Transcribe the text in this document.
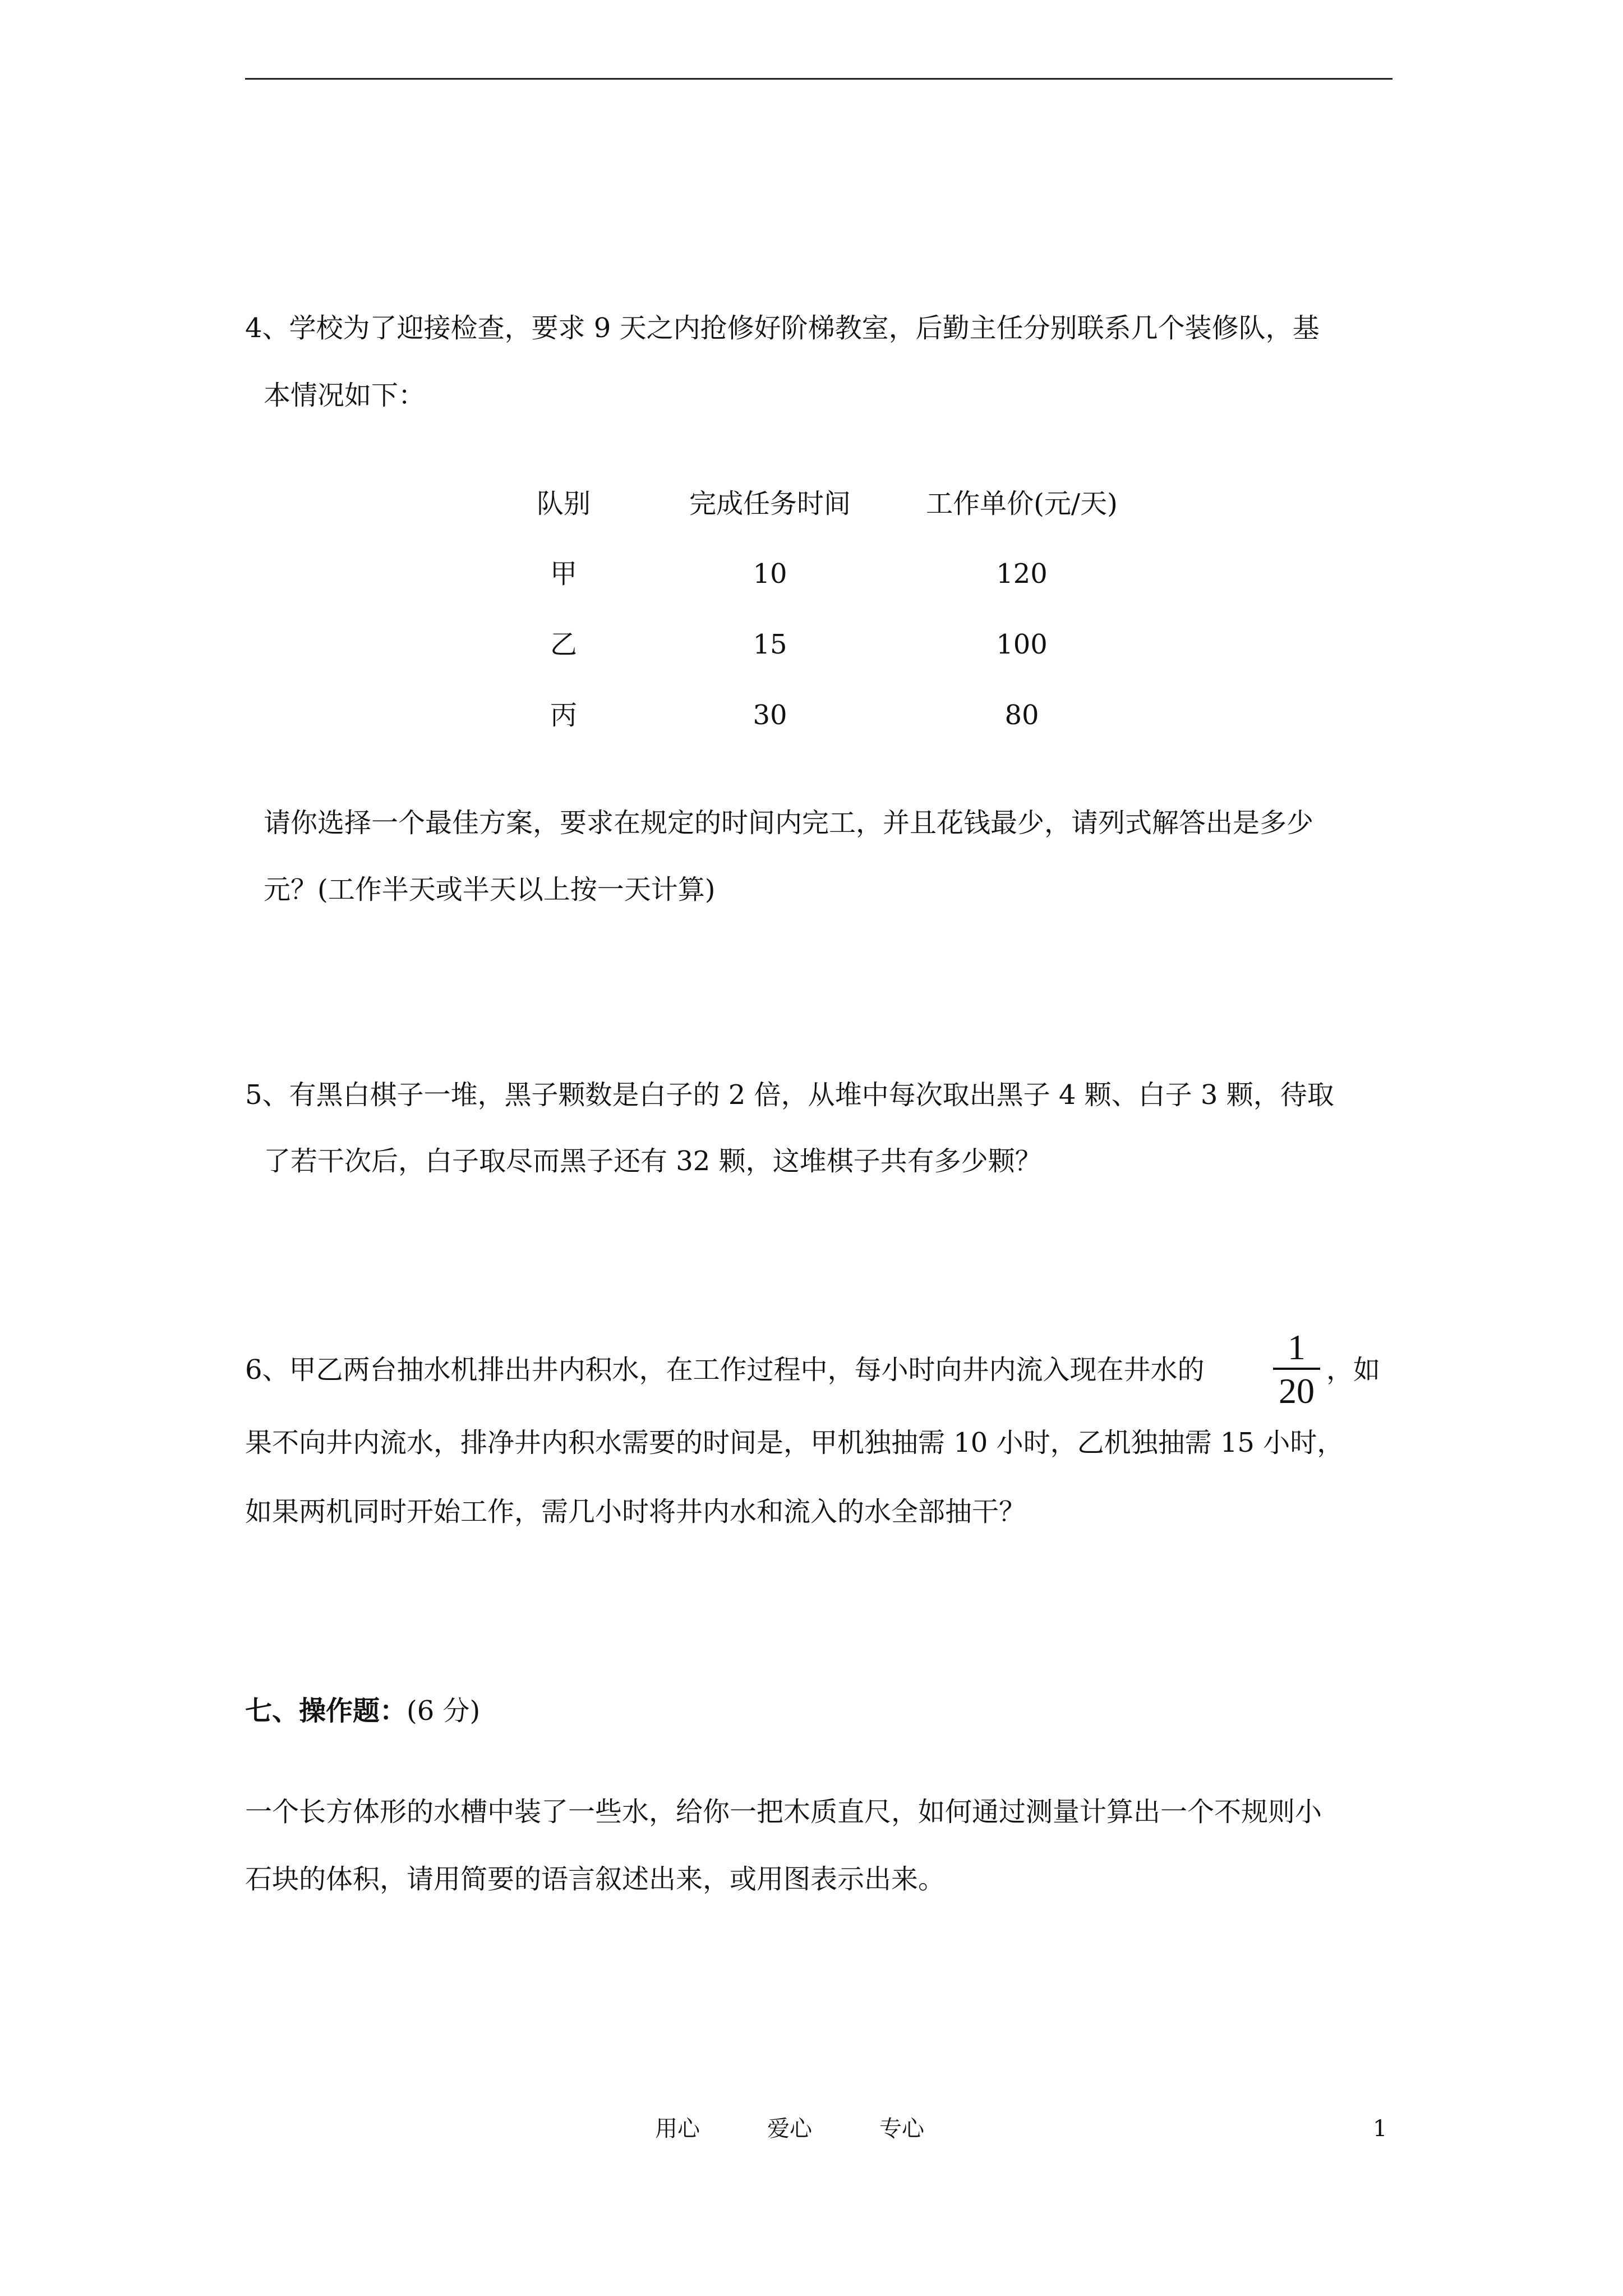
4、学校为了迎接检查，要求 9 天之内抢修好阶梯教室，后勤主任分别联系几个装修队，基
本情况如下：
队别	完成任务时间	工作单价(元/天)
甲	10	120
乙	15	100
丙	30	80
请你选择一个最佳方案，要求在规定的时间内完工，并且花钱最少，请列式解答出是多少
元？(工作半天或半天以上按一天计算)
5、有黑白棋子一堆，黑子颗数是白子的 2 倍，从堆中每次取出黑子 4 颗、白子 3 颗，待取
了若干次后，白子取尽而黑子还有 32 颗，这堆棋子共有多少颗？
6、甲乙两台抽水机排出井内积水，在工作过程中，每小时向井内流入现在井水的
1
20
，如
果不向井内流水，排净井内积水需要的时间是，甲机独抽需 10 小时，乙机独抽需 15 小时，
如果两机同时开始工作，需几小时将井内水和流入的水全部抽干？
七、操作题：(6 分)
一个长方体形的水槽中装了一些水，给你一把木质直尺，如何通过测量计算出一个不规则小
石块的体积，请用简要的语言叙述出来，或用图表示出来。
用心	爱心	专心	1
